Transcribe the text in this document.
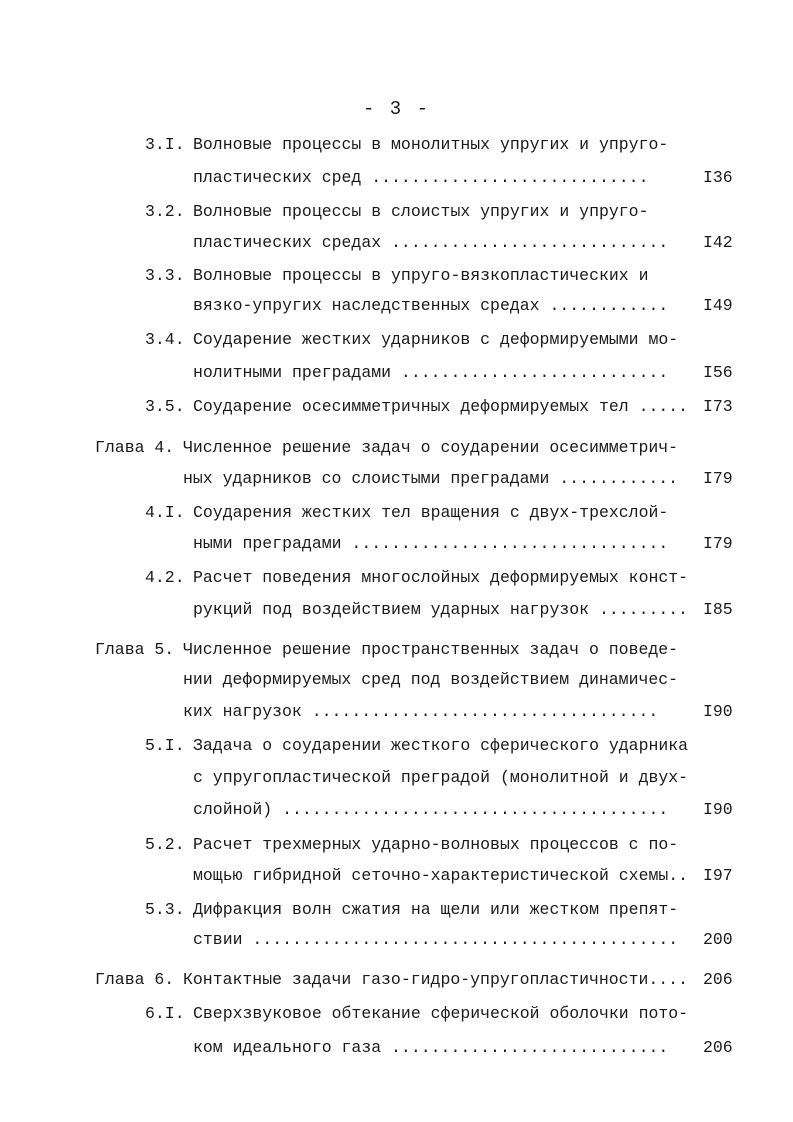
- 3 -
3.I. Волновые процессы в монолитных упругих и упруго-
пластических сред ............................	I36
3.2. Волновые процессы в слоистых упругих и упруго-
пластических средах ............................ I42
3.3. Волновые процессы в упруго-вязкопластических и
вязко-упругих наследственных средах ............ I49
3.4. Соударение жестких ударников с деформируемыми мо-
нолитными преградами ........................... I56
3.5. Соударение осесимметричных деформируемых тел ..... I73
Глава 4. Численное решение задач о соударении осесимметрич-
ных ударников со слоистыми преградами ............ I79
4.I. Соударения жестких тел вращения с двух-трехслой-
ными преградами ................................ I79
4.2. Расчет поведения многослойных деформируемых конст-
рукций под воздействием ударных нагрузок ......... I85
Глава 5. Численное решение пространственных задач о поведе-
нии деформируемых сред под воздействием динамичес-
ких нагрузок ...................................	I90
5.I. Задача о соударении жесткого сферического ударника
с упругопластической преградой (монолитной и двух-
слойной) ....................................... I90
5.2. Расчет трехмерных ударно-волновых процессов с по-
мощью гибридной сеточно-характеристической схемы.. I97
5.3. Дифракция волн сжатия на щели или жестком препят-
ствии ........................................... 200
Глава 6. Контактные задачи газо-гидро-упругопластичности.... 206
6.I. Сверхзвуковое обтекание сферической оболочки пото-
ком идеального газа ............................ 206
